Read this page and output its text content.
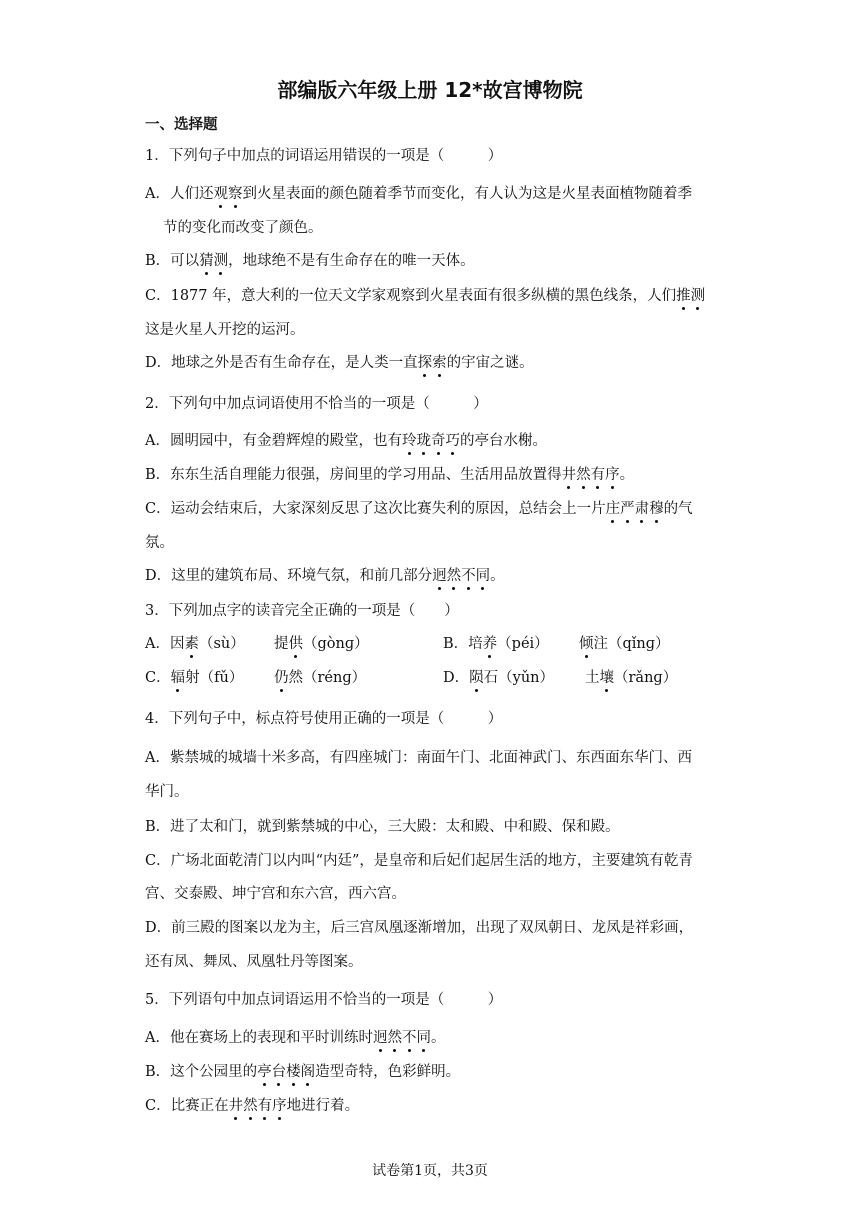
部编版六年级上册 12*故宫博物院
一、选择题
1．下列句子中加点的词语运用错误的一项是（　　　）
A．人们还观察到火星表面的颜色随着季节而变化，有人认为这是火星表面植物随着季
节的变化而改变了颜色。
B．可以猜测，地球绝不是有生命存在的唯一天体。
C．1877 年，意大利的一位天文学家观察到火星表面有很多纵横的黑色线条，人们推测
这是火星人开挖的运河。
D．地球之外是否有生命存在，是人类一直探索的宇宙之谜。
2．下列句中加点词语使用不恰当的一项是（　　　）
A．圆明园中，有金碧辉煌的殿堂，也有玲珑奇巧的亭台水榭。
B．东东生活自理能力很强，房间里的学习用品、生活用品放置得井然有序。
C．运动会结束后，大家深刻反思了这次比赛失利的原因，总结会上一片庄严肃穆的气
氛。
D．这里的建筑布局、环境气氛，和前几部分迥然不同。
3．下列加点字的读音完全正确的一项是（　　）
A．因素（sù） 提供（gònɡ）	B．培养（péi） 倾注（qǐnɡ）
C．辐射（fǔ） 仍然（rénɡ）	D．陨石（yǔn） 土壤（rǎnɡ）
4．下列句子中，标点符号使用正确的一项是（　　　）
A．紫禁城的城墙十米多高，有四座城门：南面午门、北面神武门、东西面东华门、西
华门。
B．进了太和门，就到紫禁城的中心，三大殿：太和殿、中和殿、保和殿。
C．广场北面乾清门以内叫“内廷”，是皇帝和后妃们起居生活的地方，主要建筑有乾青
宫、交泰殿、坤宁宫和东六宫，西六宫。
D．前三殿的图案以龙为主，后三宫凤凰逐渐增加，出现了双凤朝日、龙凤是祥彩画，
还有凤、舞凤、凤凰牡丹等图案。
5．下列语句中加点词语运用不恰当的一项是（　　　）
A．他在赛场上的表现和平时训练时迥然不同。
B．这个公园里的亭台楼阁造型奇特，色彩鲜明。
C．比赛正在井然有序地进行着。
试卷第1页，共3页
